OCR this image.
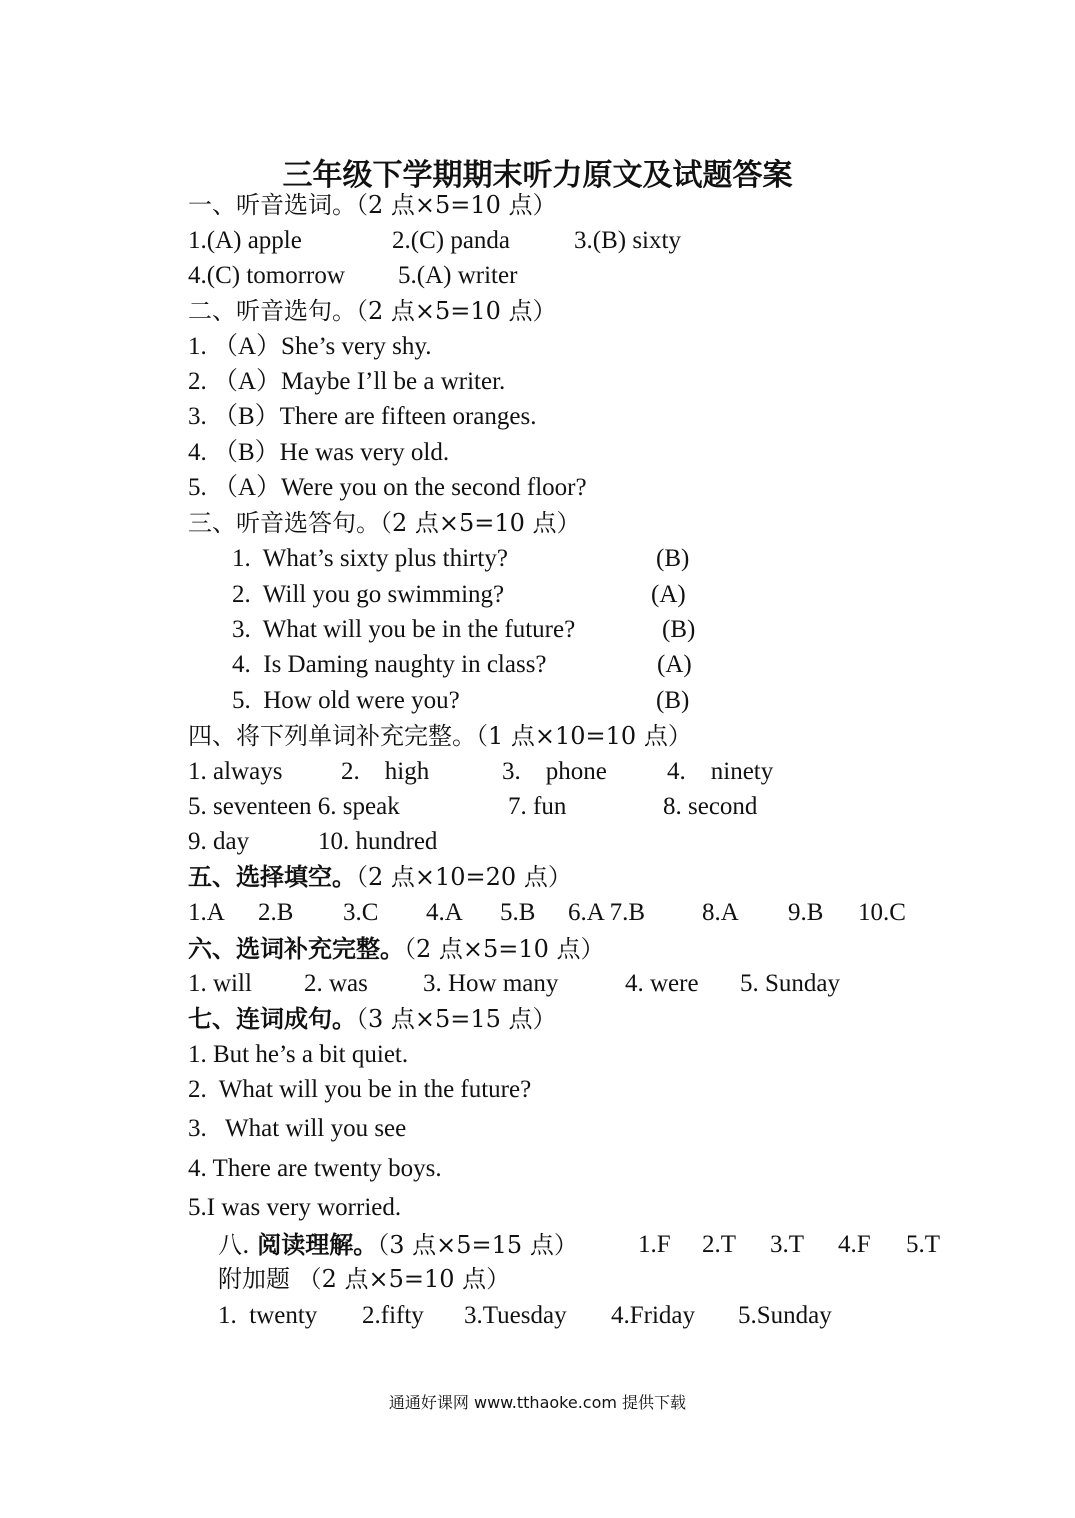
三年级下学期期末听力原文及试题答案
一、听音选词。（2 点×5=10 点）
1.(A) apple	2.(C) panda	3.(B) sixty
4.(C) tomorrow 5.(A) writer
二、听音选句。（2 点×5=10 点）
1. （A）She’s very shy.
2. （A）Maybe I’ll be a writer.
3. （B）There are fifteen oranges.
4. （B）He was very old.
5. （A）Were you on the second floor?
三、听音选答句。（2 点×5=10 点）
1.  What’s sixty plus thirty?	(B)
2.  Will you go swimming?	(A)
3.  What will you be in the future?	(B)
4.  Is Daming naughty in class?	(A)
5.  How old were you?	(B)
四、将下列单词补充完整。（1 点×10=10 点）
1. always 2.    high	3.    phone 4.    ninety
5. seventeen 6. speak	7. fun	8. second
9. day	10. hundred
五、选择填空。（2 点×10=20 点）
1.A 2.B 3.C 4.A 5.B 6.A 7.B 8.A 9.B 10.C
六、选词补充完整。（2 点×5=10 点）
1. will 2. was 3. How many	4. were 5. Sunday
七、连词成句。（3 点×5=15 点）
1. But he’s a bit quiet.
2.  What will you be in the future?
3.   What will you see
4. There are twenty boys.
5.I was very worried.
八. 阅读理解。（3 点×5=15 点） 1.F 2.T 3.T 4.F 5.T
附加题 （2 点×5=10 点）
1.  twenty 2.fifty 3.Tuesday 4.Friday 5.Sunday
通通好课网 www.tthaoke.com 提供下载
